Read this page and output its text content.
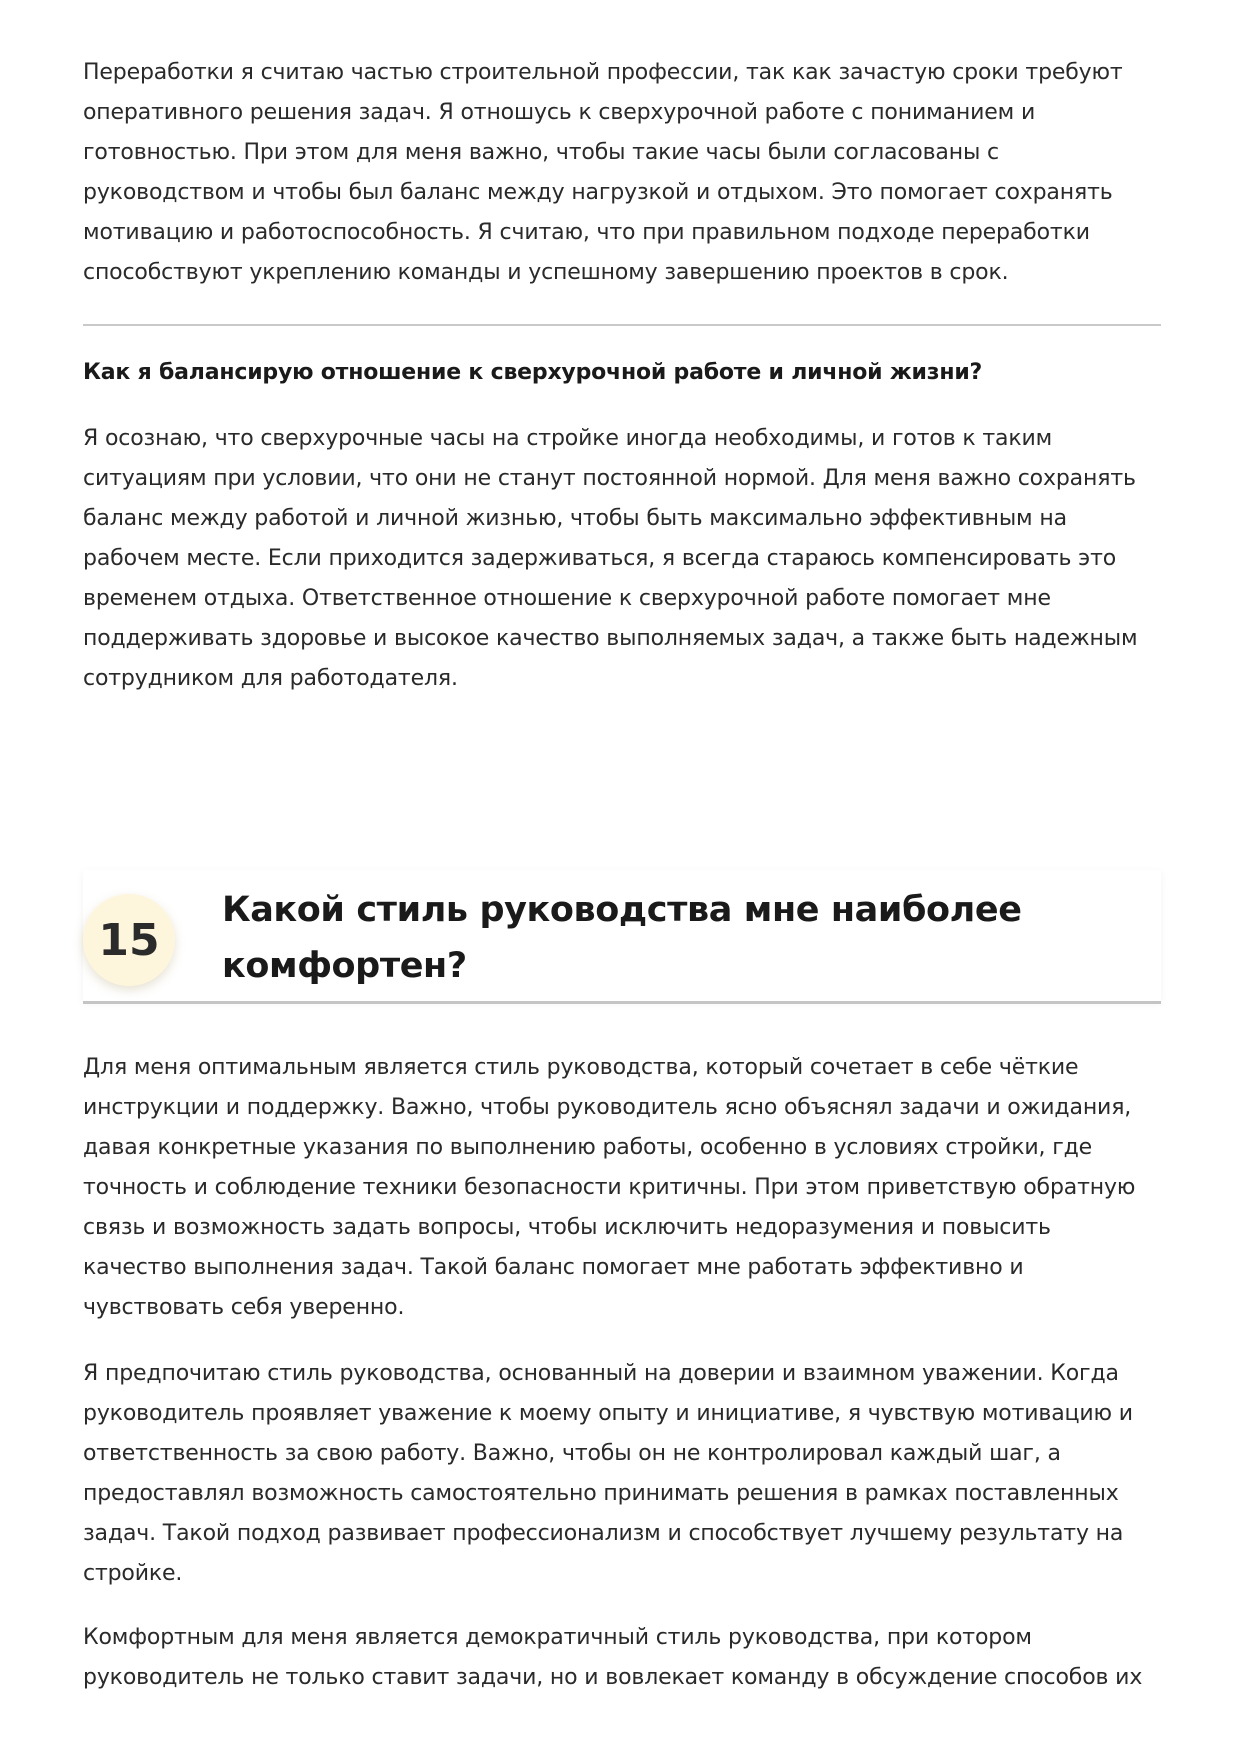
Переработки я считаю частью строительной профессии, так как зачастую сроки требуют оперативного решения задач. Я отношусь к сверхурочной работе с пониманием и готовностью. При этом для меня важно, чтобы такие часы были согласованы с руководством и чтобы был баланс между нагрузкой и отдыхом. Это помогает сохранять мотивацию и работоспособность. Я считаю, что при правильном подходе переработки способствуют укреплению команды и успешному завершению проектов в срок.

Как я балансирую отношение к сверхурочной работе и личной жизни?

Я осознаю, что сверхурочные часы на стройке иногда необходимы, и готов к таким ситуациям при условии, что они не станут постоянной нормой. Для меня важно сохранять баланс между работой и личной жизнью, чтобы быть максимально эффективным на рабочем месте. Если приходится задерживаться, я всегда стараюсь компенсировать это временем отдыха. Ответственное отношение к сверхурочной работе помогает мне поддерживать здоровье и высокое качество выполняемых задач, а также быть надежным сотрудником для работодателя.

15
Какой стиль руководства мне наиболее комфортен?

Для меня оптимальным является стиль руководства, который сочетает в себе чёткие инструкции и поддержку. Важно, чтобы руководитель ясно объяснял задачи и ожидания, давая конкретные указания по выполнению работы, особенно в условиях стройки, где точность и соблюдение техники безопасности критичны. При этом приветствую обратную связь и возможность задать вопросы, чтобы исключить недоразумения и повысить качество выполнения задач. Такой баланс помогает мне работать эффективно и чувствовать себя уверенно.

Я предпочитаю стиль руководства, основанный на доверии и взаимном уважении. Когда руководитель проявляет уважение к моему опыту и инициативе, я чувствую мотивацию и ответственность за свою работу. Важно, чтобы он не контролировал каждый шаг, а предоставлял возможность самостоятельно принимать решения в рамках поставленных задач. Такой подход развивает профессионализм и способствует лучшему результату на стройке.

Комфортным для меня является демократичный стиль руководства, при котором руководитель не только ставит задачи, но и вовлекает команду в обсуждение способов их
